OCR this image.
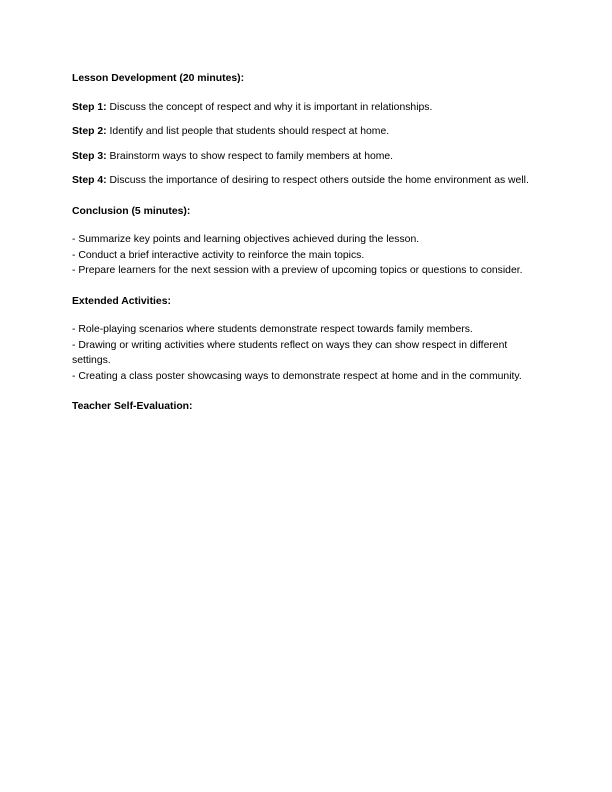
Lesson Development (20 minutes):

Step 1: Discuss the concept of respect and why it is important in relationships.

Step 2: Identify and list people that students should respect at home.

Step 3: Brainstorm ways to show respect to family members at home.

Step 4: Discuss the importance of desiring to respect others outside the home environment as well.

Conclusion (5 minutes):

- Summarize key points and learning objectives achieved during the lesson.
- Conduct a brief interactive activity to reinforce the main topics.
- Prepare learners for the next session with a preview of upcoming topics or questions to consider.

Extended Activities:

- Role-playing scenarios where students demonstrate respect towards family members.
- Drawing or writing activities where students reflect on ways they can show respect in different settings.
- Creating a class poster showcasing ways to demonstrate respect at home and in the community.

Teacher Self-Evaluation:
